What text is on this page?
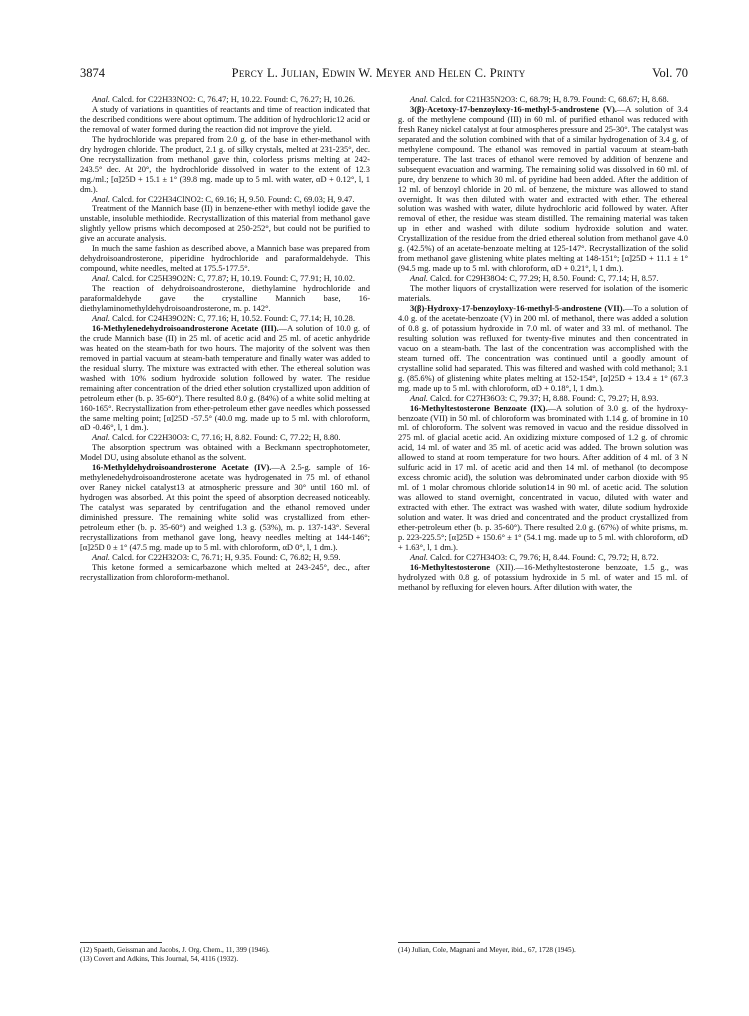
3874	Percy L. Julian, Edwin W. Meyer and Helen C. Printy	Vol. 70

Anal. Calcd. for C22H33NO2: C, 76.47; H, 10.22. Found: C, 76.27; H, 10.26.

A study of variations in quantities of reactants and time of reaction indicated that the described conditions were about optimum. The addition of hydrochloric12 acid or the removal of water formed during the reaction did not improve the yield.

The hydrochloride was prepared from 2.0 g. of the base in ether-methanol with dry hydrogen chloride. The product, 2.1 g. of silky crystals, melted at 231-235°, dec. One recrystallization from methanol gave thin, colorless prisms melting at 242-243.5° dec. At 20°, the hydrochloride dissolved in water to the extent of 12.3 mg./ml.; [α]25D + 15.1 ± 1° (39.8 mg. made up to 5 ml. with water, αD + 0.12°, l, 1 dm.).

Anal. Calcd. for C22H34ClNO2: C, 69.16; H, 9.50. Found: C, 69.03; H, 9.47.

Treatment of the Mannich base (II) in benzene-ether with methyl iodide gave the unstable, insoluble methiodide. Recrystallization of this material from methanol gave slightly yellow prisms which decomposed at 250-252°, but could not be purified to give an accurate analysis.

In much the same fashion as described above, a Mannich base was prepared from dehydroisoandrosterone, piperidine hydrochloride and paraformaldehyde. This compound, white needles, melted at 175.5-177.5°.

Anal. Calcd. for C25H39O2N: C, 77.87; H, 10.19. Found: C, 77.91; H, 10.02.

The reaction of dehydroisoandrosterone, diethylamine hydrochloride and paraformaldehyde gave the crystalline Mannich base, 16-diethylaminomethyldehydroisoandrosterone, m. p. 142°.

Anal. Calcd. for C24H39O2N: C, 77.16; H, 10.52. Found: C, 77.14; H, 10.28.

16-Methylenedehydroisoandrosterone Acetate (III).—A solution of 10.0 g. of the crude Mannich base (II) in 25 ml. of acetic acid and 25 ml. of acetic anhydride was heated on the steam-bath for two hours. The majority of the solvent was then removed in partial vacuum at steam-bath temperature and finally water was added to the residual slurry. The mixture was extracted with ether. The ethereal solution was washed with 10% sodium hydroxide solution followed by water. The residue remaining after concentration of the dried ether solution crystallized upon addition of petroleum ether (b. p. 35-60°). There resulted 8.0 g. (84%) of a white solid melting at 160-165°. Recrystallization from ether-petroleum ether gave needles which possessed the same melting point; [α]25D -57.5° (40.0 mg. made up to 5 ml. with chloroform, αD -0.46°, l, 1 dm.).

Anal. Calcd. for C22H30O3: C, 77.16; H, 8.82. Found: C, 77.22; H, 8.80.

The absorption spectrum was obtained with a Beckmann spectrophotometer, Model DU, using absolute ethanol as the solvent.

16-Methyldehydroisoandrosterone Acetate (IV).—A 2.5-g. sample of 16-methylenedehydroisoandrosterone acetate was hydrogenated in 75 ml. of ethanol over Raney nickel catalyst13 at atmospheric pressure and 30° until 160 ml. of hydrogen was absorbed. At this point the speed of absorption decreased noticeably. The catalyst was separated by centrifugation and the ethanol removed under diminished pressure. The remaining white solid was crystallized from ether-petroleum ether (b. p. 35-60°) and weighed 1.3 g. (53%), m. p. 137-143°. Several recrystallizations from methanol gave long, heavy needles melting at 144-146°; [α]25D 0 ± 1° (47.5 mg. made up to 5 ml. with chloroform, αD 0°, l, 1 dm.).

Anal. Calcd. for C22H32O3: C, 76.71; H, 9.35. Found: C, 76.82; H, 9.59.

This ketone formed a semicarbazone which melted at 243-245°, dec., after recrystallization from chloroform-methanol.

Anal. Calcd. for C21H35N2O3: C, 68.79; H, 8.79. Found: C, 68.67; H, 8.68.

3(β)-Acetoxy-17-benzoyloxy-16-methyl-5-androstene (V).—A solution of 3.4 g. of the methylene compound (III) in 60 ml. of purified ethanol was reduced with fresh Raney nickel catalyst at four atmospheres pressure and 25-30°. The catalyst was separated and the solution combined with that of a similar hydrogenation of 3.4 g. of methylene compound. The ethanol was removed in partial vacuum at steam-bath temperature. The last traces of ethanol were removed by addition of benzene and subsequent evacuation and warming. The remaining solid was dissolved in 60 ml. of pure, dry benzene to which 30 ml. of pyridine had been added. After the addition of 12 ml. of benzoyl chloride in 20 ml. of benzene, the mixture was allowed to stand overnight. It was then diluted with water and extracted with ether. The ethereal solution was washed with water, dilute hydrochloric acid followed by water. After removal of ether, the residue was steam distilled. The remaining material was taken up in ether and washed with dilute sodium hydroxide solution and water. Crystallization of the residue from the dried ethereal solution from methanol gave 4.0 g. (42.5%) of an acetate-benzoate melting at 125-147°. Recrystallization of the solid from methanol gave glistening white plates melting at 148-151°; [α]25D + 11.1 ± 1° (94.5 mg. made up to 5 ml. with chloroform, αD + 0.21°, l, 1 dm.).

Anal. Calcd. for C29H38O4: C, 77.29; H, 8.50. Found: C, 77.14; H, 8.57.

The mother liquors of crystallization were reserved for isolation of the isomeric materials.

3(β)-Hydroxy-17-benzoyloxy-16-methyl-5-androstene (VII).—To a solution of 4.0 g. of the acetate-benzoate (V) in 200 ml. of methanol, there was added a solution of 0.8 g. of potassium hydroxide in 7.0 ml. of water and 33 ml. of methanol. The resulting solution was refluxed for twenty-five minutes and then concentrated in vacuo on a steam-bath. The last of the concentration was accomplished with the steam turned off. The concentration was continued until a goodly amount of crystalline solid had separated. This was filtered and washed with cold methanol; 3.1 g. (85.6%) of glistening white plates melting at 152-154°, [α]25D + 13.4 ± 1° (67.3 mg. made up to 5 ml. with chloroform, αD + 0.18°, l, 1 dm.).

Anal. Calcd. for C27H36O3: C, 79.37; H, 8.88. Found: C, 79.27; H, 8.93.

16-Methyltestosterone Benzoate (IX).—A solution of 3.0 g. of the hydroxy-benzoate (VII) in 50 ml. of chloroform was brominated with 1.14 g. of bromine in 10 ml. of chloroform. The solvent was removed in vacuo and the residue dissolved in 275 ml. of glacial acetic acid. An oxidizing mixture composed of 1.2 g. of chromic acid, 14 ml. of water and 35 ml. of acetic acid was added. The brown solution was allowed to stand at room temperature for two hours. After addition of 4 ml. of 3 N sulfuric acid in 17 ml. of acetic acid and then 14 ml. of methanol (to decompose excess chromic acid), the solution was debrominated under carbon dioxide with 95 ml. of 1 molar chromous chloride solution14 in 90 ml. of acetic acid. The solution was allowed to stand overnight, concentrated in vacuo, diluted with water and extracted with ether. The extract was washed with water, dilute sodium hydroxide solution and water. It was dried and concentrated and the product crystallized from ether-petroleum ether (b. p. 35-60°). There resulted 2.0 g. (67%) of white prisms, m. p. 223-225.5°; [α]25D + 150.6° ± 1° (54.1 mg. made up to 5 ml. with chloroform, αD + 1.63°, l, 1 dm.).

Anal. Calcd. for C27H34O3: C, 79.76; H, 8.44. Found: C, 79.72; H, 8.72.

16-Methyltestosterone (XII).—16-Methyltestosterone benzoate, 1.5 g., was hydrolyzed with 0.8 g. of potassium hydroxide in 5 ml. of water and 15 ml. of methanol by refluxing for eleven hours. After dilution with water, the

(12) Spaeth, Geissman and Jacobs, J. Org. Chem., 11, 399 (1946).

(13) Covert and Adkins, This Journal, 54, 4116 (1932).

(14) Julian, Cole, Magnani and Meyer, ibid., 67, 1728 (1945).
